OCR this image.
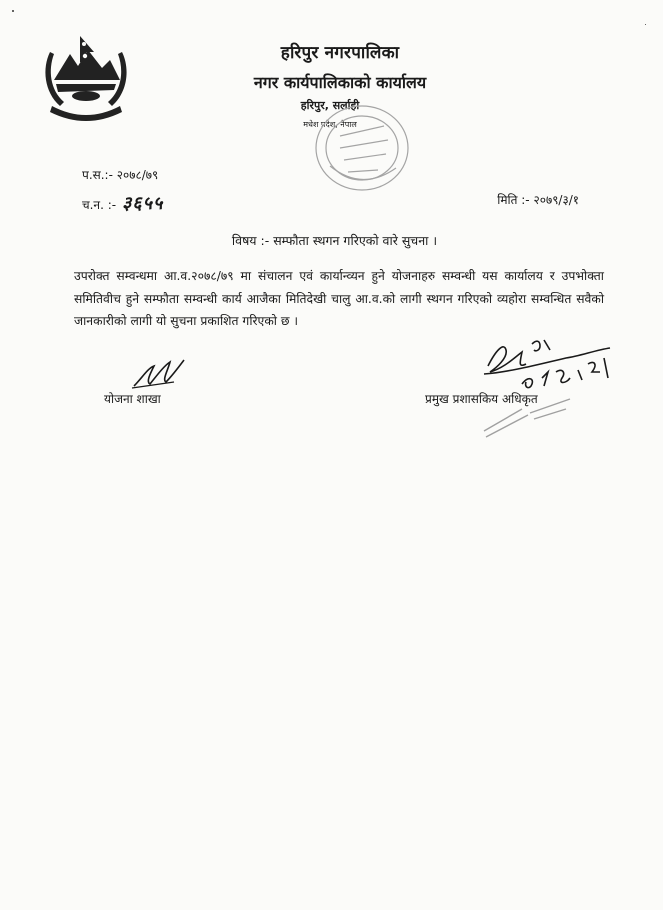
हरिपुर नगरपालिका
नगर कार्यपालिकाको कार्यालय
हरिपुर, सर्लाही
मधेश प्रदेश, नेपाल
प.स.:- २०७८/७९
च.न. :- ३६५५	मिति :- २०७९/३/१
विषय :- सम्फौता स्थगन गरिएको वारे सुचना ।
उपरोक्त सम्वन्धमा आ.व.२०७८/७९ मा संचालन एवं कार्यान्व्यन हुने योजनाहरु सम्वन्धी यस कार्यालय र उपभोक्ता समितिवीच हुने सम्फौता सम्वन्धी कार्य आजैका मितिदेखी चालु आ.व.को लागी स्थगन गरिएको व्यहोरा सम्वन्धित सवैको जानकारीको लागी यो सुचना प्रकाशित गरिएको छ ।
योजना शाखा	प्रमुख प्रशासकिय अधिकृत
